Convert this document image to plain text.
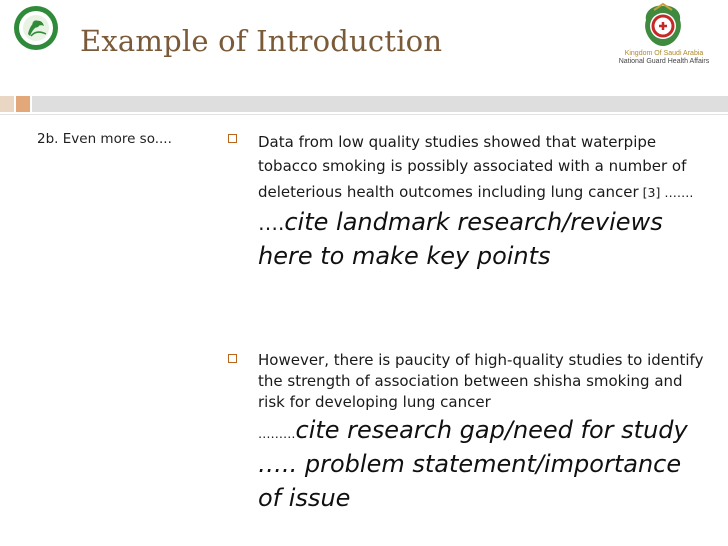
Kingdom Of Saudi Arabia
National Guard Health Affairs
Example of Introduction
2b. Even more so....	Data from low quality studies showed that waterpipe tobacco smoking is possibly associated with a number of deleterious health outcomes including lung cancer [3] ……. ….cite landmark research/reviews here to make key points
However, there is paucity of high-quality studies to identify the strength of association between shisha smoking and risk for developing lung cancer
………cite research gap/need for study ….. problem statement/importance of issue
